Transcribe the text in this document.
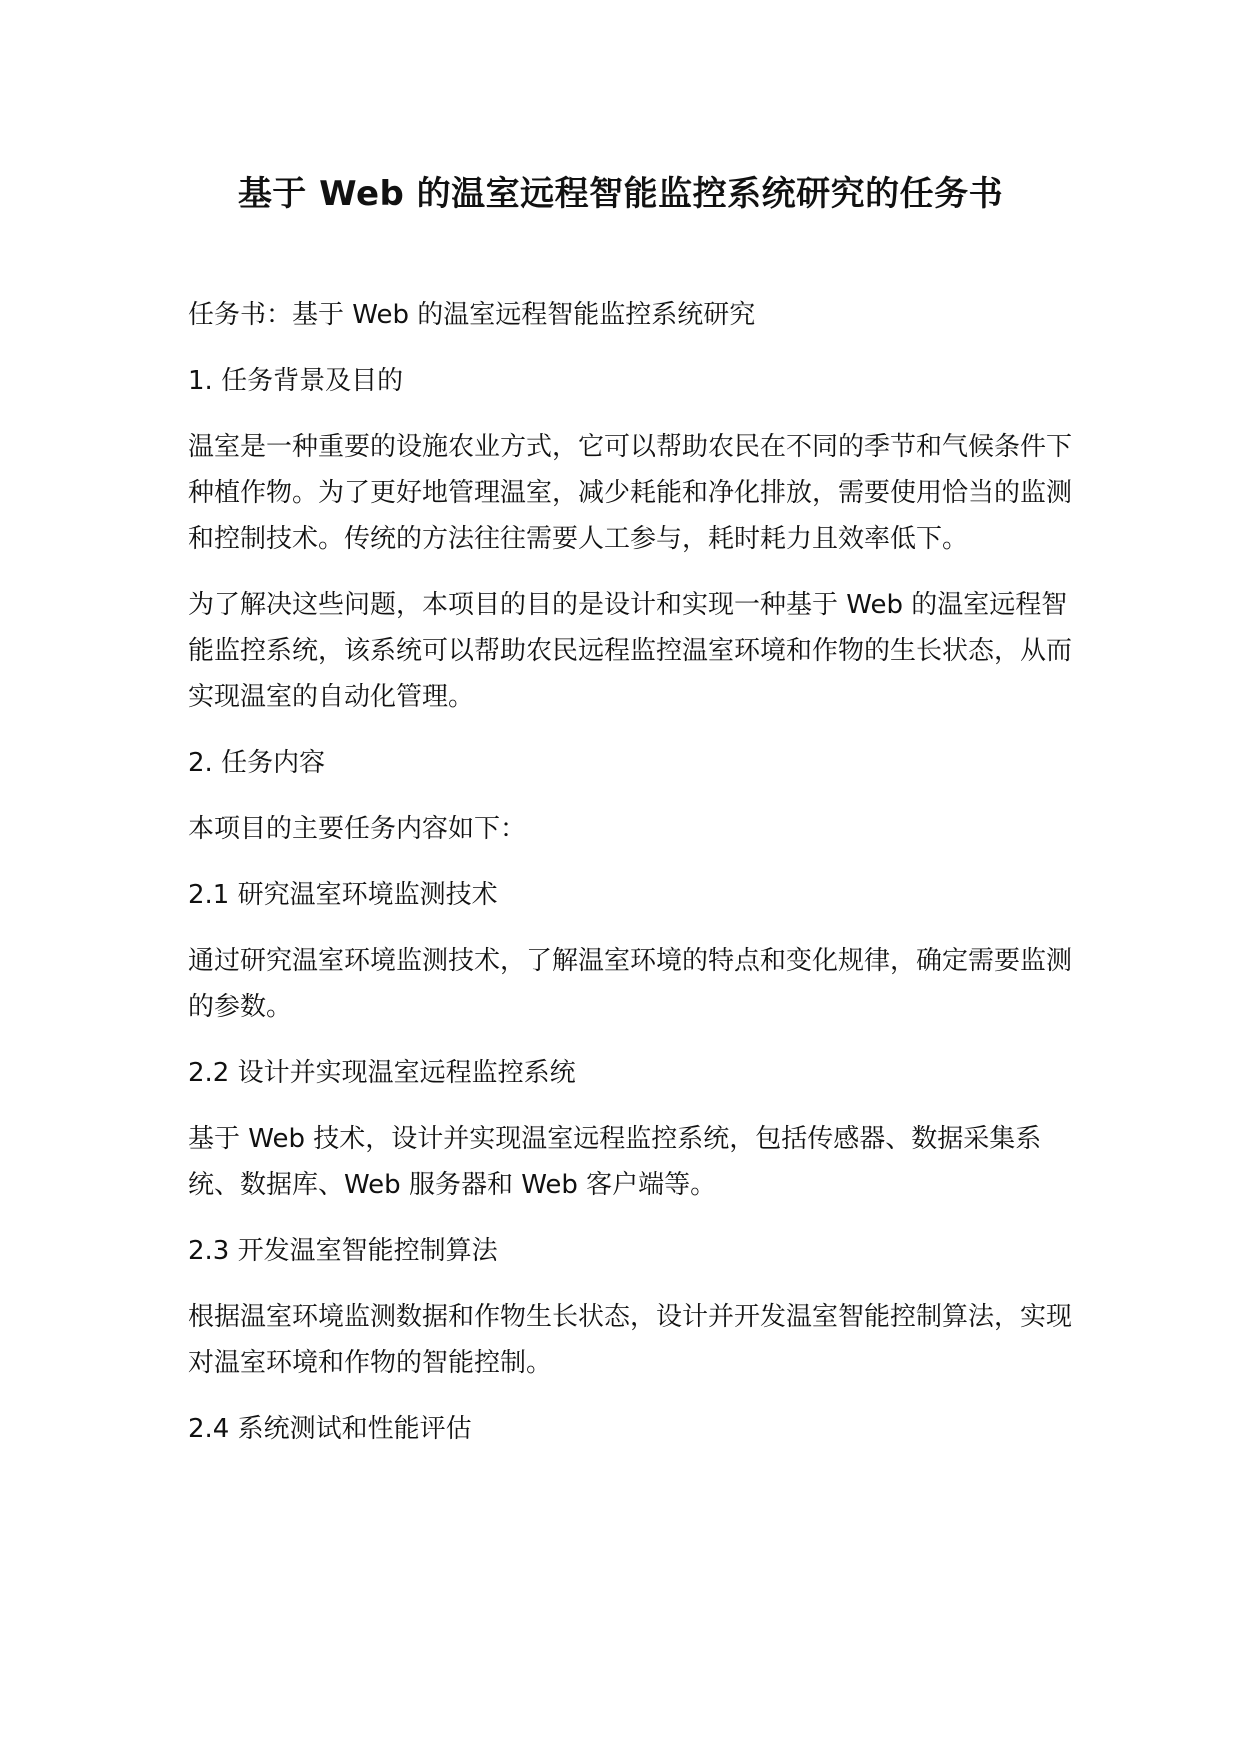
基于 Web 的温室远程智能监控系统研究的任务书

任务书：基于 Web 的温室远程智能监控系统研究

1. 任务背景及目的

温室是一种重要的设施农业方式，它可以帮助农民在不同的季节和气候条件下种植作物。为了更好地管理温室，减少耗能和净化排放，需要使用恰当的监测和控制技术。传统的方法往往需要人工参与，耗时耗力且效率低下。

为了解决这些问题，本项目的目的是设计和实现一种基于 Web 的温室远程智能监控系统，该系统可以帮助农民远程监控温室环境和作物的生长状态，从而实现温室的自动化管理。

2. 任务内容

本项目的主要任务内容如下：

2.1 研究温室环境监测技术

通过研究温室环境监测技术，了解温室环境的特点和变化规律，确定需要监测的参数。

2.2 设计并实现温室远程监控系统

基于 Web 技术，设计并实现温室远程监控系统，包括传感器、数据采集系统、数据库、Web 服务器和 Web 客户端等。

2.3 开发温室智能控制算法

根据温室环境监测数据和作物生长状态，设计并开发温室智能控制算法，实现对温室环境和作物的智能控制。

2.4 系统测试和性能评估
